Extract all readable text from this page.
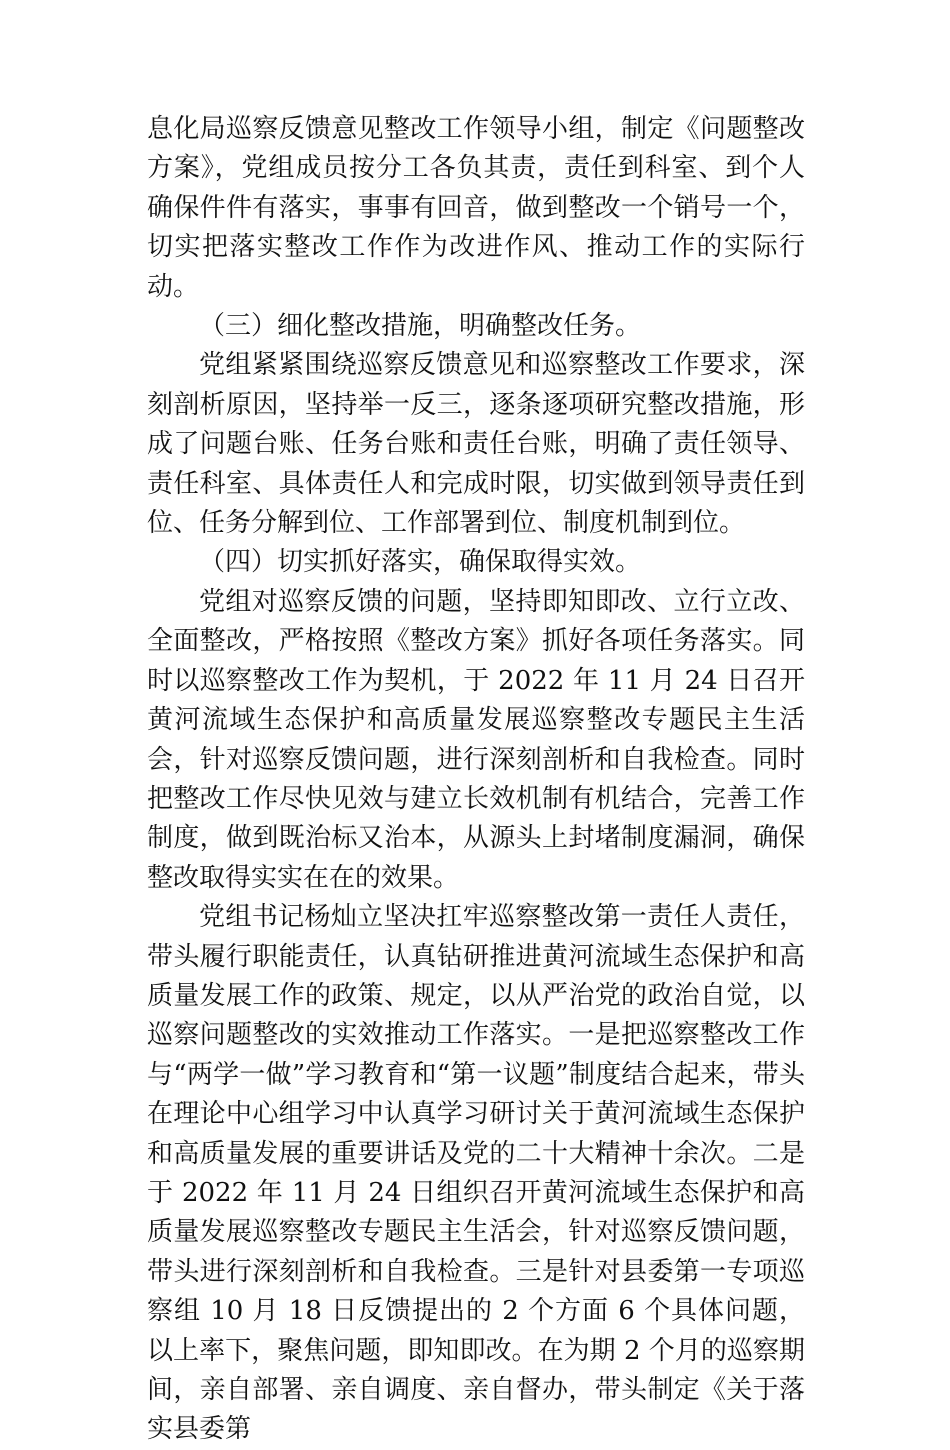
息化局巡察反馈意见整改工作领导小组，制定《问题整改方案》，党组成员按分工各负其责，责任到科室、到个人确保件件有落实，事事有回音，做到整改一个销号一个，切实把落实整改工作作为改进作风、推动工作的实际行动。

（三）细化整改措施，明确整改任务。

党组紧紧围绕巡察反馈意见和巡察整改工作要求，深刻剖析原因，坚持举一反三，逐条逐项研究整改措施，形成了问题台账、任务台账和责任台账，明确了责任领导、责任科室、具体责任人和完成时限，切实做到领导责任到位、任务分解到位、工作部署到位、制度机制到位。

（四）切实抓好落实，确保取得实效。

党组对巡察反馈的问题，坚持即知即改、立行立改、全面整改，严格按照《整改方案》抓好各项任务落实。同时以巡察整改工作为契机，于 2022 年 11 月 24 日召开黄河流域生态保护和高质量发展巡察整改专题民主生活会，针对巡察反馈问题，进行深刻剖析和自我检查。同时把整改工作尽快见效与建立长效机制有机结合，完善工作制度，做到既治标又治本，从源头上封堵制度漏洞，确保整改取得实实在在的效果。

党组书记杨灿立坚决扛牢巡察整改第一责任人责任，带头履行职能责任，认真钻研推进黄河流域生态保护和高质量发展工作的政策、规定，以从严治党的政治自觉，以巡察问题整改的实效推动工作落实。一是把巡察整改工作与“两学一做”学习教育和“第一议题”制度结合起来，带头在理论中心组学习中认真学习研讨关于黄河流域生态保护和高质量发展的重要讲话及党的二十大精神十余次。二是于 2022 年 11 月 24 日组织召开黄河流域生态保护和高质量发展巡察整改专题民主生活会，针对巡察反馈问题，带头进行深刻剖析和自我检查。三是针对县委第一专项巡察组 10 月 18 日反馈提出的 2 个方面 6 个具体问题，以上率下，聚焦问题，即知即改。在为期 2 个月的巡察期间，亲自部署、亲自调度、亲自督办，带头制定《关于落实县委第
